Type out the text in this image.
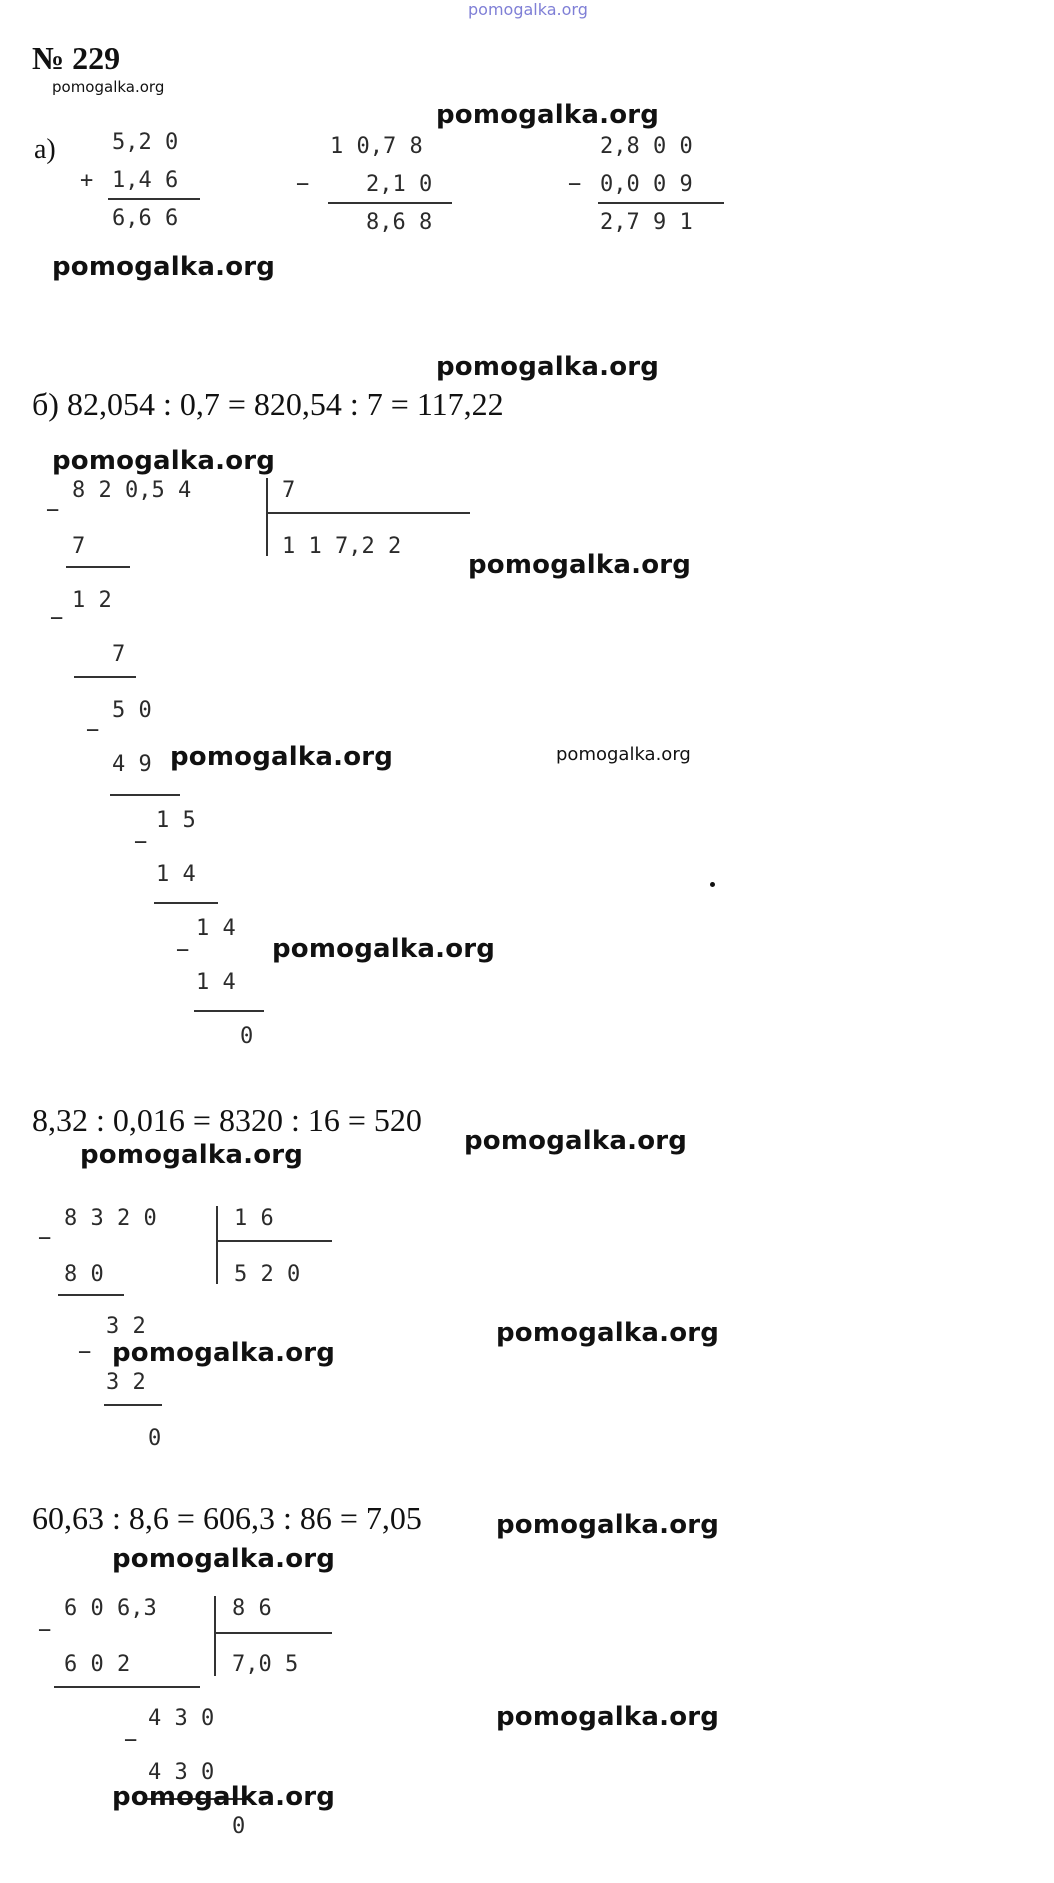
pomogalka.org
№ 229
pomogalka.org
а)	5,2 0
+ 1,4 6
6,6 6
1 0,7 8
−	2,1 0
8,6 8
2,8 0 0
− 0,0 0 9
2,7 9 1
б) 82,054 : 0,7 = 820,54 : 7 = 117,22
−
8 2 0,5 4	7
1 1 7,2 2
7
−
1 2
7
5 0
−
4 9
1 5
−
1 4
1 4
−
1 4
0
8,32 : 0,016 = 8320 : 16 = 520
−
8 3 2 0	1 6
5 2 0
8 0
3 2
−
3 2
0
60,63 : 8,6 = 606,3 : 86 = 7,05
−
6 0 6,3	8 6
7,0 5
6 0 2
4 3 0
−
4 3 0
0
pomogalka.org
pomogalka.org
pomogalka.org
pomogalka.org
pomogalka.org
pomogalka.org	pomogalka.org
pomogalka.org
pomogalka.org	pomogalka.org
pomogalka.org
pomogalka.org
pomogalka.org
pomogalka.org
pomogalka.org
pomogalka.org
